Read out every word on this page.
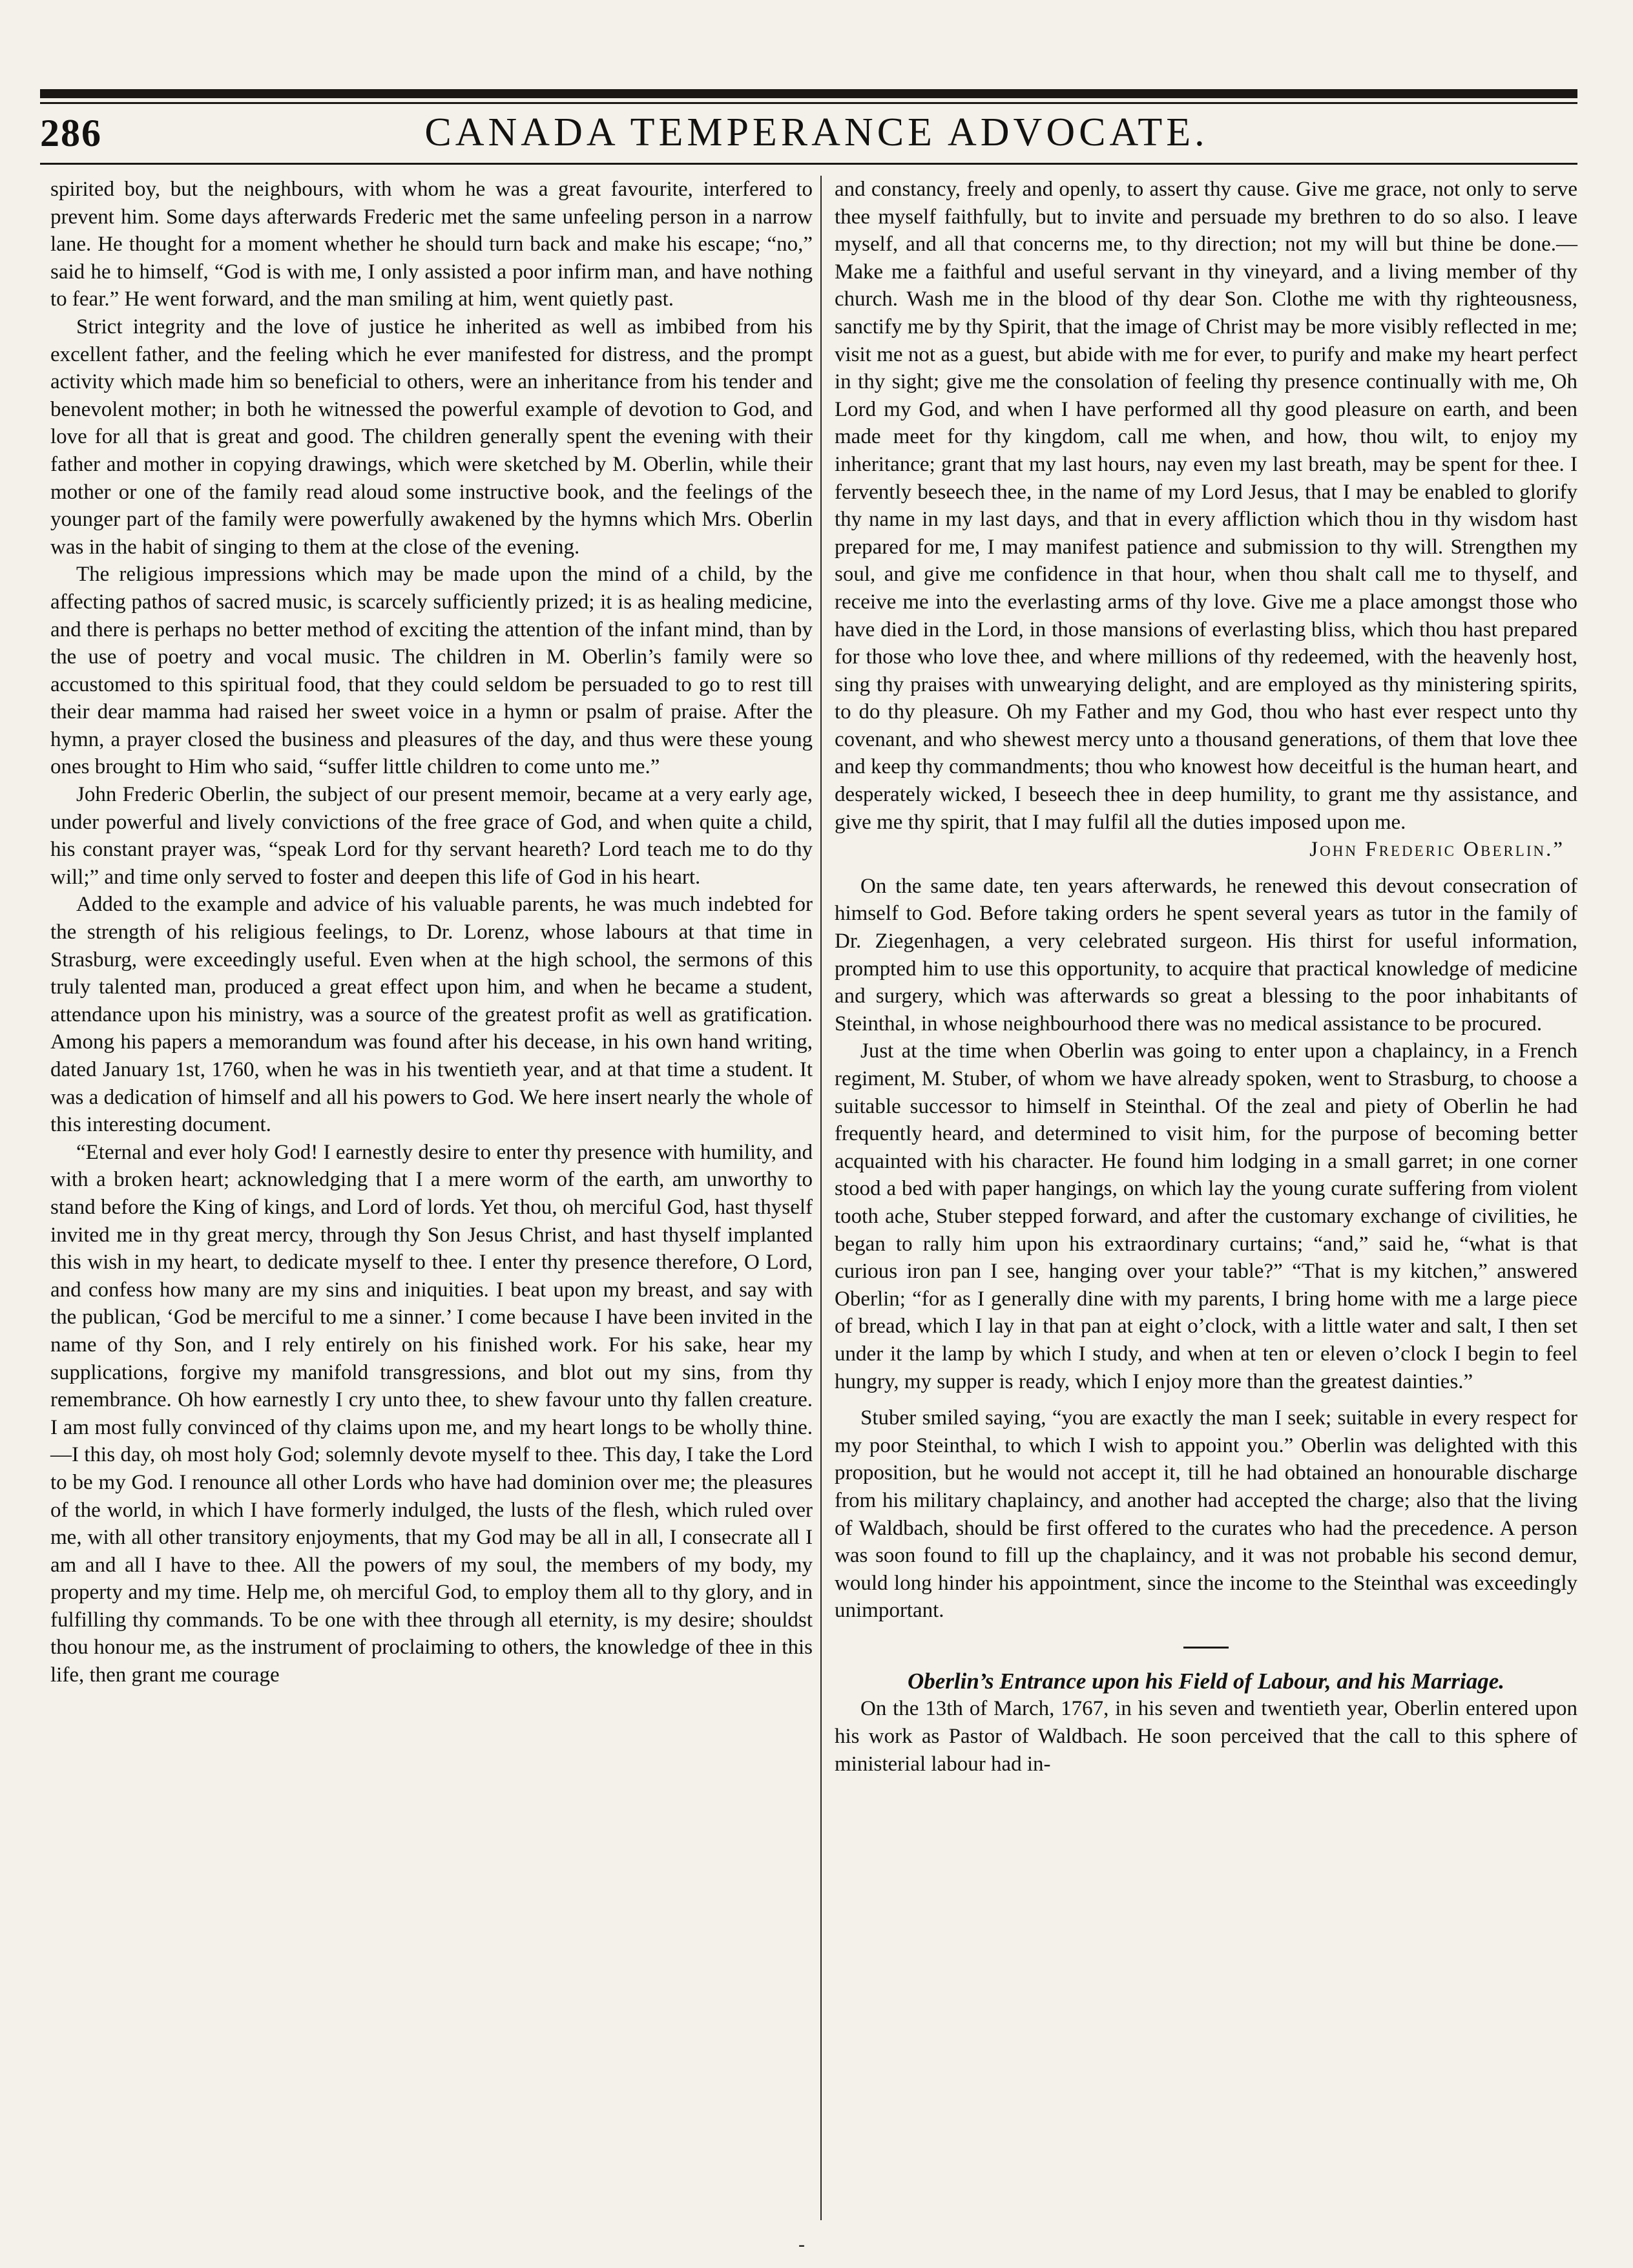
286	CANADA TEMPERANCE ADVOCATE.

spirited boy, but the neighbours, with whom he was a great favourite, interfered to prevent him. Some days afterwards Frederic met the same unfeeling person in a narrow lane. He thought for a moment whether he should turn back and make his escape; “no,” said he to himself, “God is with me, I only assisted a poor infirm man, and have nothing to fear.” He went forward, and the man smiling at him, went quietly past.

Strict integrity and the love of justice he inherited as well as imbibed from his excellent father, and the feeling which he ever manifested for distress, and the prompt activity which made him so beneficial to others, were an inheritance from his tender and benevolent mother; in both he witnessed the powerful example of devotion to God, and love for all that is great and good. The children generally spent the evening with their father and mother in copying drawings, which were sketched by M. Oberlin, while their mother or one of the family read aloud some instructive book, and the feelings of the younger part of the family were powerfully awakened by the hymns which Mrs. Oberlin was in the habit of singing to them at the close of the evening.

The religious impressions which may be made upon the mind of a child, by the affecting pathos of sacred music, is scarcely sufficiently prized; it is as healing medicine, and there is perhaps no better method of exciting the attention of the infant mind, than by the use of poetry and vocal music. The children in M. Oberlin’s family were so accustomed to this spiritual food, that they could seldom be persuaded to go to rest till their dear mamma had raised her sweet voice in a hymn or psalm of praise. After the hymn, a prayer closed the business and pleasures of the day, and thus were these young ones brought to Him who said, “suffer little children to come unto me.”

John Frederic Oberlin, the subject of our present memoir, became at a very early age, under powerful and lively convictions of the free grace of God, and when quite a child, his constant prayer was, “speak Lord for thy servant heareth? Lord teach me to do thy will;” and time only served to foster and deepen this life of God in his heart.

Added to the example and advice of his valuable parents, he was much indebted for the strength of his religious feelings, to Dr. Lorenz, whose labours at that time in Strasburg, were exceedingly useful. Even when at the high school, the sermons of this truly talented man, produced a great effect upon him, and when he became a student, attendance upon his ministry, was a source of the greatest profit as well as gratification. Among his papers a memorandum was found after his decease, in his own hand writing, dated January 1st, 1760, when he was in his twentieth year, and at that time a student. It was a dedication of himself and all his powers to God. We here insert nearly the whole of this interesting document.

“Eternal and ever holy God! I earnestly desire to enter thy presence with humility, and with a broken heart; acknowledging that I a mere worm of the earth, am unworthy to stand before the King of kings, and Lord of lords. Yet thou, oh merciful God, hast thyself invited me in thy great mercy, through thy Son Jesus Christ, and hast thyself implanted this wish in my heart, to dedicate myself to thee. I enter thy presence therefore, O Lord, and confess how many are my sins and iniquities. I beat upon my breast, and say with the publican, ‘God be merciful to me a sinner.’ I come because I have been invited in the name of thy Son, and I rely entirely on his finished work. For his sake, hear my supplications, forgive my manifold transgressions, and blot out my sins, from thy remembrance. Oh how earnestly I cry unto thee, to shew favour unto thy fallen creature. I am most fully convinced of thy claims upon me, and my heart longs to be wholly thine.—I this day, oh most holy God; solemnly devote myself to thee. This day, I take the Lord to be my God. I renounce all other Lords who have had dominion over me; the pleasures of the world, in which I have formerly indulged, the lusts of the flesh, which ruled over me, with all other transitory enjoyments, that my God may be all in all, I consecrate all I am and all I have to thee. All the powers of my soul, the members of my body, my property and my time. Help me, oh merciful God, to employ them all to thy glory, and in fulfilling thy commands. To be one with thee through all eternity, is my desire; shouldst thou honour me, as the instrument of proclaiming to others, the knowledge of thee in this life, then grant me courage

and constancy, freely and openly, to assert thy cause. Give me grace, not only to serve thee myself faithfully, but to invite and persuade my brethren to do so also. I leave myself, and all that concerns me, to thy direction; not my will but thine be done.—Make me a faithful and useful servant in thy vineyard, and a living member of thy church. Wash me in the blood of thy dear Son. Clothe me with thy righteousness, sanctify me by thy Spirit, that the image of Christ may be more visibly reflected in me; visit me not as a guest, but abide with me for ever, to purify and make my heart perfect in thy sight; give me the consolation of feeling thy presence continually with me, Oh Lord my God, and when I have performed all thy good pleasure on earth, and been made meet for thy kingdom, call me when, and how, thou wilt, to enjoy my inheritance; grant that my last hours, nay even my last breath, may be spent for thee. I fervently beseech thee, in the name of my Lord Jesus, that I may be enabled to glorify thy name in my last days, and that in every affliction which thou in thy wisdom hast prepared for me, I may manifest patience and submission to thy will. Strengthen my soul, and give me confidence in that hour, when thou shalt call me to thyself, and receive me into the everlasting arms of thy love. Give me a place amongst those who have died in the Lord, in those mansions of everlasting bliss, which thou hast prepared for those who love thee, and where millions of thy redeemed, with the heavenly host, sing thy praises with unwearying delight, and are employed as thy ministering spirits, to do thy pleasure. Oh my Father and my God, thou who hast ever respect unto thy covenant, and who shewest mercy unto a thousand generations, of them that love thee and keep thy commandments; thou who knowest how deceitful is the human heart, and desperately wicked, I beseech thee in deep humility, to grant me thy assistance, and give me thy spirit, that I may fulfil all the duties imposed upon me.

John Frederic Oberlin.”

On the same date, ten years afterwards, he renewed this devout consecration of himself to God. Before taking orders he spent several years as tutor in the family of Dr. Ziegenhagen, a very celebrated surgeon. His thirst for useful information, prompted him to use this opportunity, to acquire that practical knowledge of medicine and surgery, which was afterwards so great a blessing to the poor inhabitants of Steinthal, in whose neighbourhood there was no medical assistance to be procured.

Just at the time when Oberlin was going to enter upon a chaplaincy, in a French regiment, M. Stuber, of whom we have already spoken, went to Strasburg, to choose a suitable successor to himself in Steinthal. Of the zeal and piety of Oberlin he had frequently heard, and determined to visit him, for the purpose of becoming better acquainted with his character. He found him lodging in a small garret; in one corner stood a bed with paper hangings, on which lay the young curate suffering from violent tooth ache, Stuber stepped forward, and after the customary exchange of civilities, he began to rally him upon his extraordinary curtains; “and,” said he, “what is that curious iron pan I see, hanging over your table?” “That is my kitchen,” answered Oberlin; “for as I generally dine with my parents, I bring home with me a large piece of bread, which I lay in that pan at eight o’clock, with a little water and salt, I then set under it the lamp by which I study, and when at ten or eleven o’clock I begin to feel hungry, my supper is ready, which I enjoy more than the greatest dainties.”

Stuber smiled saying, “you are exactly the man I seek; suitable in every respect for my poor Steinthal, to which I wish to appoint you.” Oberlin was delighted with this proposition, but he would not accept it, till he had obtained an honourable discharge from his military chaplaincy, and another had accepted the charge; also that the living of Waldbach, should be first offered to the curates who had the precedence. A person was soon found to fill up the chaplaincy, and it was not probable his second demur, would long hinder his appointment, since the income to the Steinthal was exceedingly unimportant.

Oberlin’s Entrance upon his Field of Labour, and his Marriage.

On the 13th of March, 1767, in his seven and twentieth year, Oberlin entered upon his work as Pastor of Waldbach. He soon perceived that the call to this sphere of ministerial labour had in-

-
